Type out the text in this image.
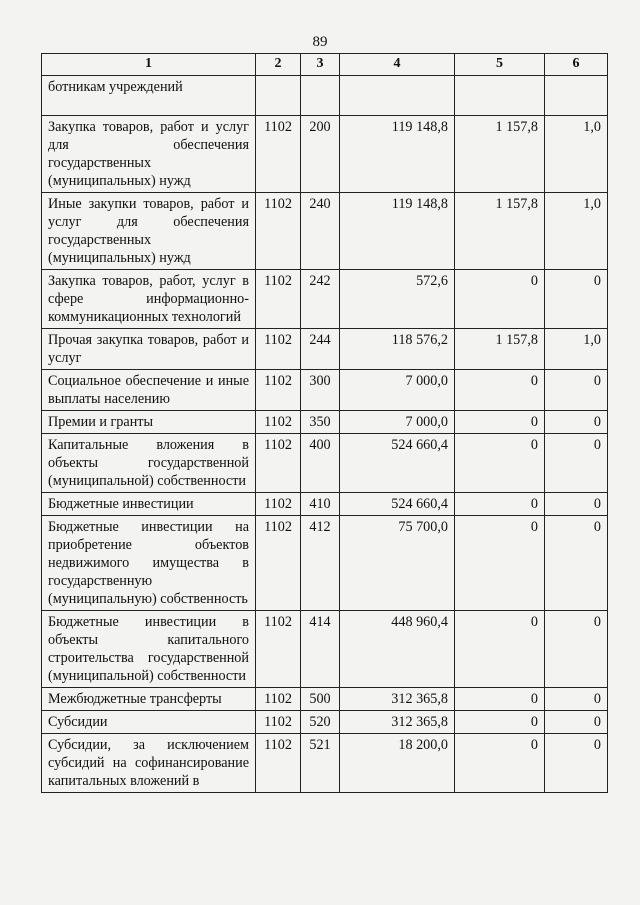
89
1	2	3	4	5	6
ботникам учреждений					
Закупка товаров, работ и услуг для обеспечения государственных (муниципальных) нужд	1102	200	119 148,8	1 157,8	1,0
Иные закупки товаров, работ и услуг для обеспечения государственных (муниципальных) нужд	1102	240	119 148,8	1 157,8	1,0
Закупка товаров, работ, услуг в сфере информационно-коммуникационных технологий	1102	242	572,6	0	0
Прочая закупка товаров, работ и услуг	1102	244	118 576,2	1 157,8	1,0
Социальное обеспечение и иные выплаты населению	1102	300	7 000,0	0	0
Премии и гранты	1102	350	7 000,0	0	0
Капитальные вложения в объекты государственной (муниципальной) собственности	1102	400	524 660,4	0	0
Бюджетные инвестиции	1102	410	524 660,4	0	0
Бюджетные инвестиции на приобретение объектов недвижимого имущества в государственную (муниципальную) собственность	1102	412	75 700,0	0	0
Бюджетные инвестиции в объекты капитального строительства государственной (муниципальной) собственности	1102	414	448 960,4	0	0
Межбюджетные трансферты	1102	500	312 365,8	0	0
Субсидии	1102	520	312 365,8	0	0
Субсидии, за исключением субсидий на софинансирование капитальных вложений в	1102	521	18 200,0	0	0
